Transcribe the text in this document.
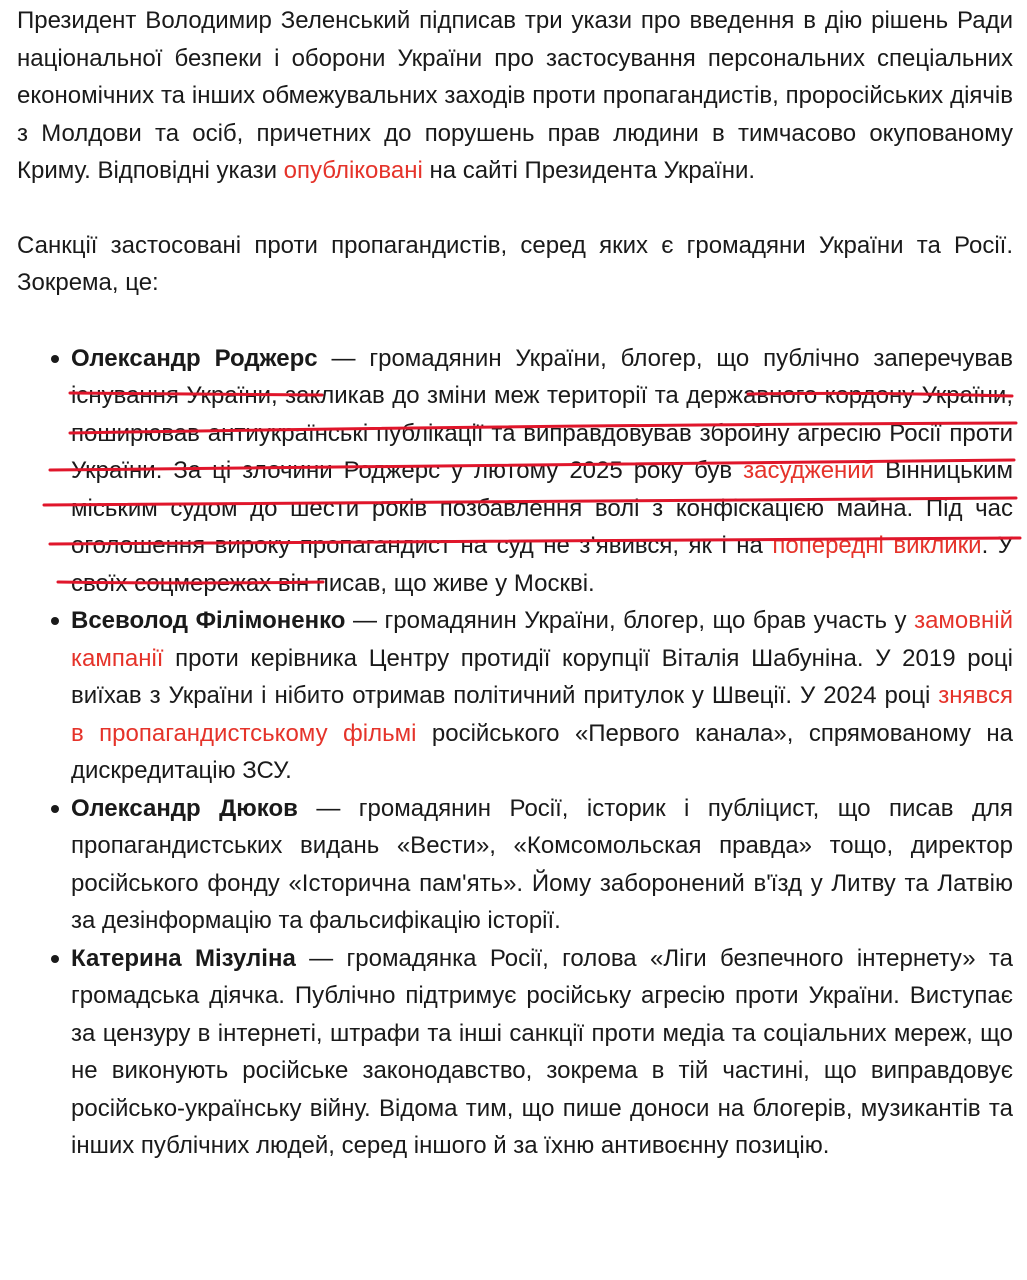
Президент Володимир Зеленський підписав три укази про введення в дію рішень Ради національної безпеки і оборони України про застосування персональних спеціальних економічних та інших обмежувальних заходів проти пропагандистів, проросійських діячів з Молдови та осіб, причетних до порушень прав людини в тимчасово окупованому Криму. Відповідні укази опубліковані на сайті Президента України.

Санкції застосовані проти пропагандистів, серед яких є громадяни України та Росії. Зокрема, це:

Олександр Роджерс — громадянин України, блогер, що публічно заперечував існування України, закликав до зміни меж території та державного кордону України, поширював антиукраїнські публікації та виправдовував збройну агресію Росії проти України. За ці злочини Роджерс у лютому 2025 року був засуджений Вінницьким міським судом до шести років позбавлення волі з конфіскацією майна. Під час оголошення вироку пропагандист на суд не з’явився, як і на попередні виклики. У своїх соцмережах він писав, що живе у Москві.
Всеволод Філімоненко — громадянин України, блогер, що брав участь у замовній кампанії проти керівника Центру протидії корупції Віталія Шабуніна. У 2019 році виїхав з України і нібито отримав політичний притулок у Швеції. У 2024 році знявся в пропагандистському фільмі російського «Первого канала», спрямованому на дискредитацію ЗСУ.
Олександр Дюков — громадянин Росії, історик і публіцист, що писав для пропагандистських видань «Вести», «Комсомольская правда» тощо, директор російського фонду «Історична пам'ять». Йому заборонений в'їзд у Литву та Латвію за дезінформацію та фальсифікацію історії.
Катерина Мізуліна — громадянка Росії, голова «Ліги безпечного інтернету» та громадська діячка. Публічно підтримує російську агресію проти України. Виступає за цензуру в інтернеті, штрафи та інші санкції проти медіа та соціальних мереж, що не виконують російське законодавство, зокрема в тій частині, що виправдовує російсько-українську війну. Відома тим, що пише доноси на блогерів, музикантів та інших публічних людей, серед іншого й за їхню антивоєнну позицію.
